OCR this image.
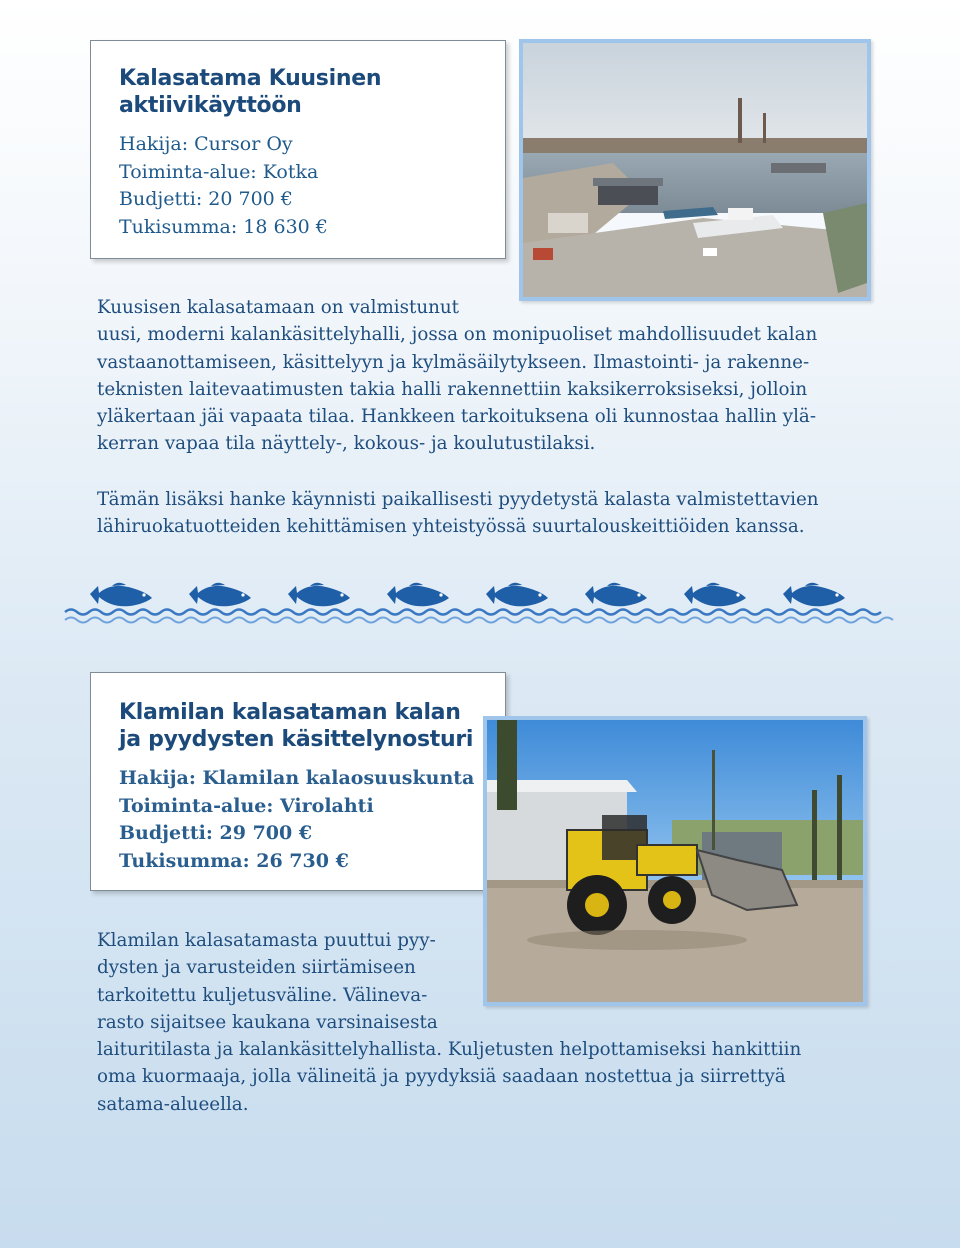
Kalasatama Kuusinen
aktiivikäyttöön
Hakija: Cursor Oy
Toiminta-alue: Kotka
Budjetti: 20 700 €
Tukisumma: 18 630 €

Kuusisen kalasatamaan on valmistunut
uusi, moderni kalankäsittelyhalli, jossa on monipuoliset mahdollisuudet kalan
vastaanottamiseen, käsittelyyn ja kylmäsäilytykseen. Ilmastointi- ja rakenne-
teknisten laitevaatimusten takia halli rakennettiin kaksikerroksiseksi, jolloin
yläkertaan jäi vapaata tilaa. Hankkeen tarkoituksena oli kunnostaa hallin ylä-
kerran vapaa tila näyttely-, kokous- ja koulutustilaksi.

Tämän lisäksi hanke käynnisti paikallisesti pyydetystä kalasta valmistettavien
lähiruokatuotteiden kehittämisen yhteistyössä suurtalouskeittiöiden kanssa.

Klamilan kalasataman kalan
ja pyydysten käsittelynosturi
Hakija: Klamilan kalaosuuskunta
Toiminta-alue: Virolahti
Budjetti: 29 700 €
Tukisumma: 26 730 €

Klamilan kalasatamasta puuttui pyy-
dysten ja varusteiden siirtämiseen
tarkoitettu kuljetusväline. Välineva-
rasto sijaitsee kaukana varsinaisesta
laituritilasta ja kalankäsittelyhallista. Kuljetusten helpottamiseksi hankittiin
oma kuormaaja, jolla välineitä ja pyydyksiä saadaan nostettua ja siirrettyä
satama-alueella.
